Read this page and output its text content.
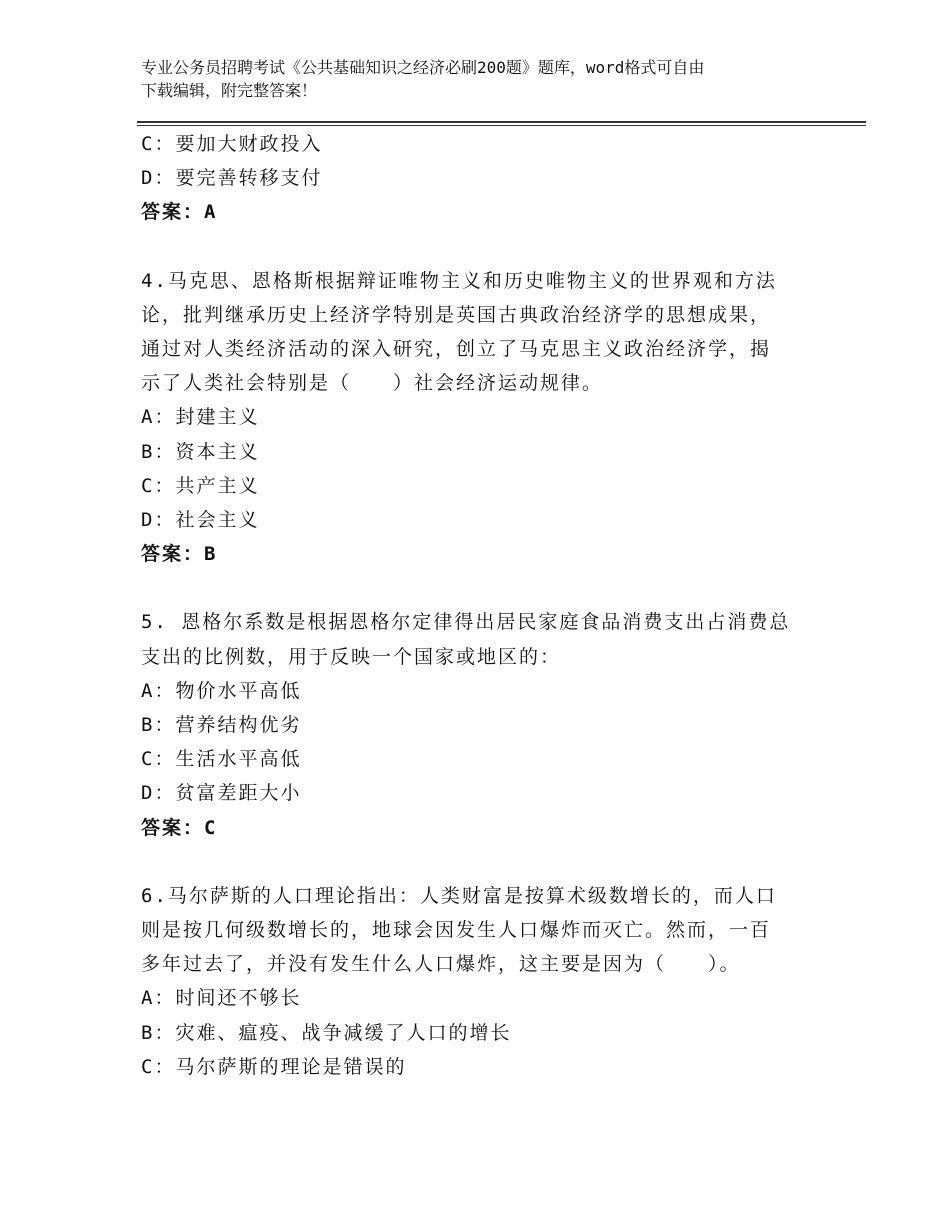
专业公务员招聘考试《公共基础知识之经济必刷200题》题库，word格式可自由
下载编辑，附完整答案！
C：要加大财政投入
D：要完善转移支付
答案：A
4.马克思、恩格斯根据辩证唯物主义和历史唯物主义的世界观和方法
论，批判继承历史上经济学特别是英国古典政治经济学的思想成果，
通过对人类经济活动的深入研究，创立了马克思主义政治经济学，揭
示了人类社会特别是（　　）社会经济运动规律。
A：封建主义
B：资本主义
C：共产主义
D：社会主义
答案：B
5. 恩格尔系数是根据恩格尔定律得出居民家庭食品消费支出占消费总
支出的比例数，用于反映一个国家或地区的：
A：物价水平高低
B：营养结构优劣
C：生活水平高低
D：贫富差距大小
答案：C
6.马尔萨斯的人口理论指出：人类财富是按算术级数增长的，而人口
则是按几何级数增长的，地球会因发生人口爆炸而灭亡。然而，一百
多年过去了，并没有发生什么人口爆炸，这主要是因为（　　）。
A：时间还不够长
B：灾难、瘟疫、战争减缓了人口的增长
C：马尔萨斯的理论是错误的
